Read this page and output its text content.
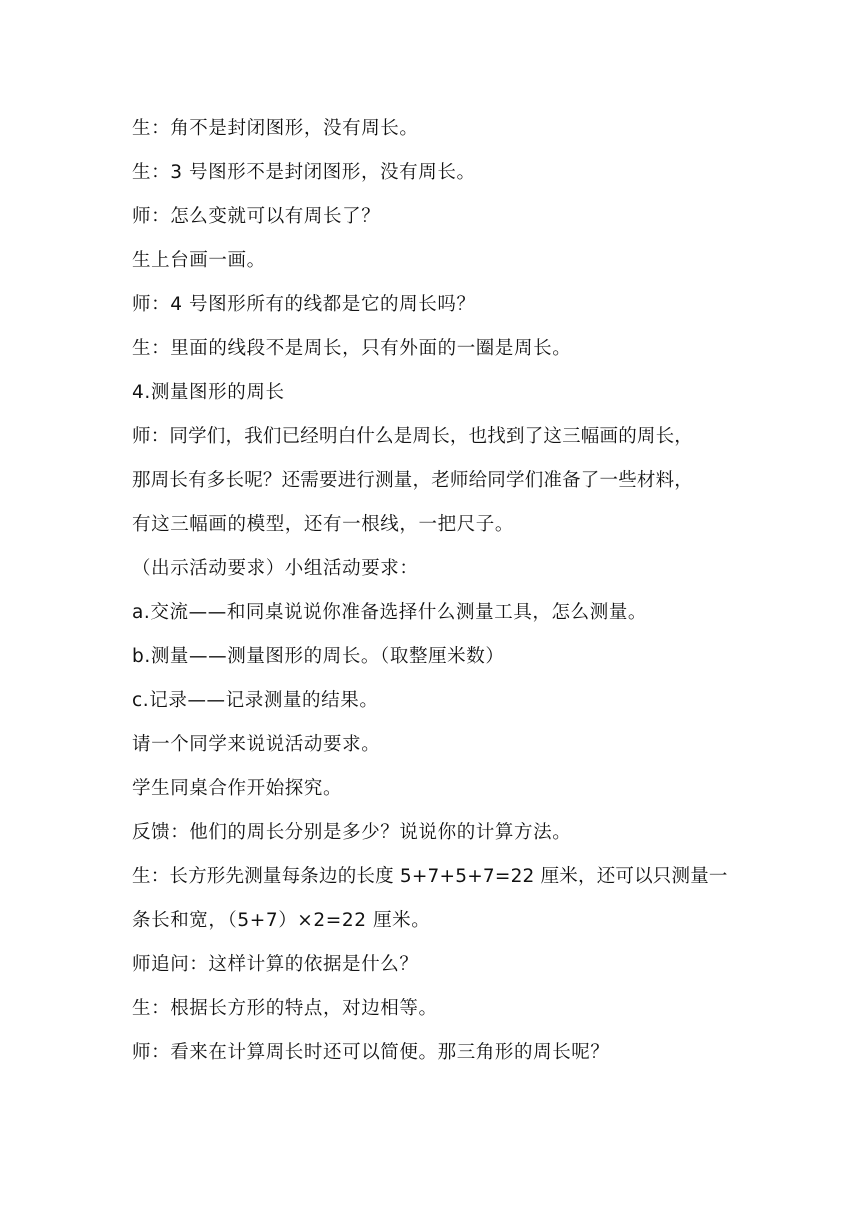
生：角不是封闭图形，没有周长。
生：3 号图形不是封闭图形，没有周长。
师：怎么变就可以有周长了？
生上台画一画。
师：4 号图形所有的线都是它的周长吗？
生：里面的线段不是周长，只有外面的一圈是周长。
4.测量图形的周长
师：同学们，我们已经明白什么是周长，也找到了这三幅画的周长，
那周长有多长呢？还需要进行测量，老师给同学们准备了一些材料，
有这三幅画的模型，还有一根线，一把尺子。
（出示活动要求）小组活动要求：
a.交流——和同桌说说你准备选择什么测量工具，怎么测量。
b.测量——测量图形的周长。（取整厘米数）
c.记录——记录测量的结果。
请一个同学来说说活动要求。
学生同桌合作开始探究。
反馈：他们的周长分别是多少？说说你的计算方法。
生：长方形先测量每条边的长度 5+7+5+7=22 厘米，还可以只测量一
条长和宽，（5+7）×2=22 厘米。
师追问：这样计算的依据是什么？
生：根据长方形的特点，对边相等。
师：看来在计算周长时还可以简便。那三角形的周长呢？
